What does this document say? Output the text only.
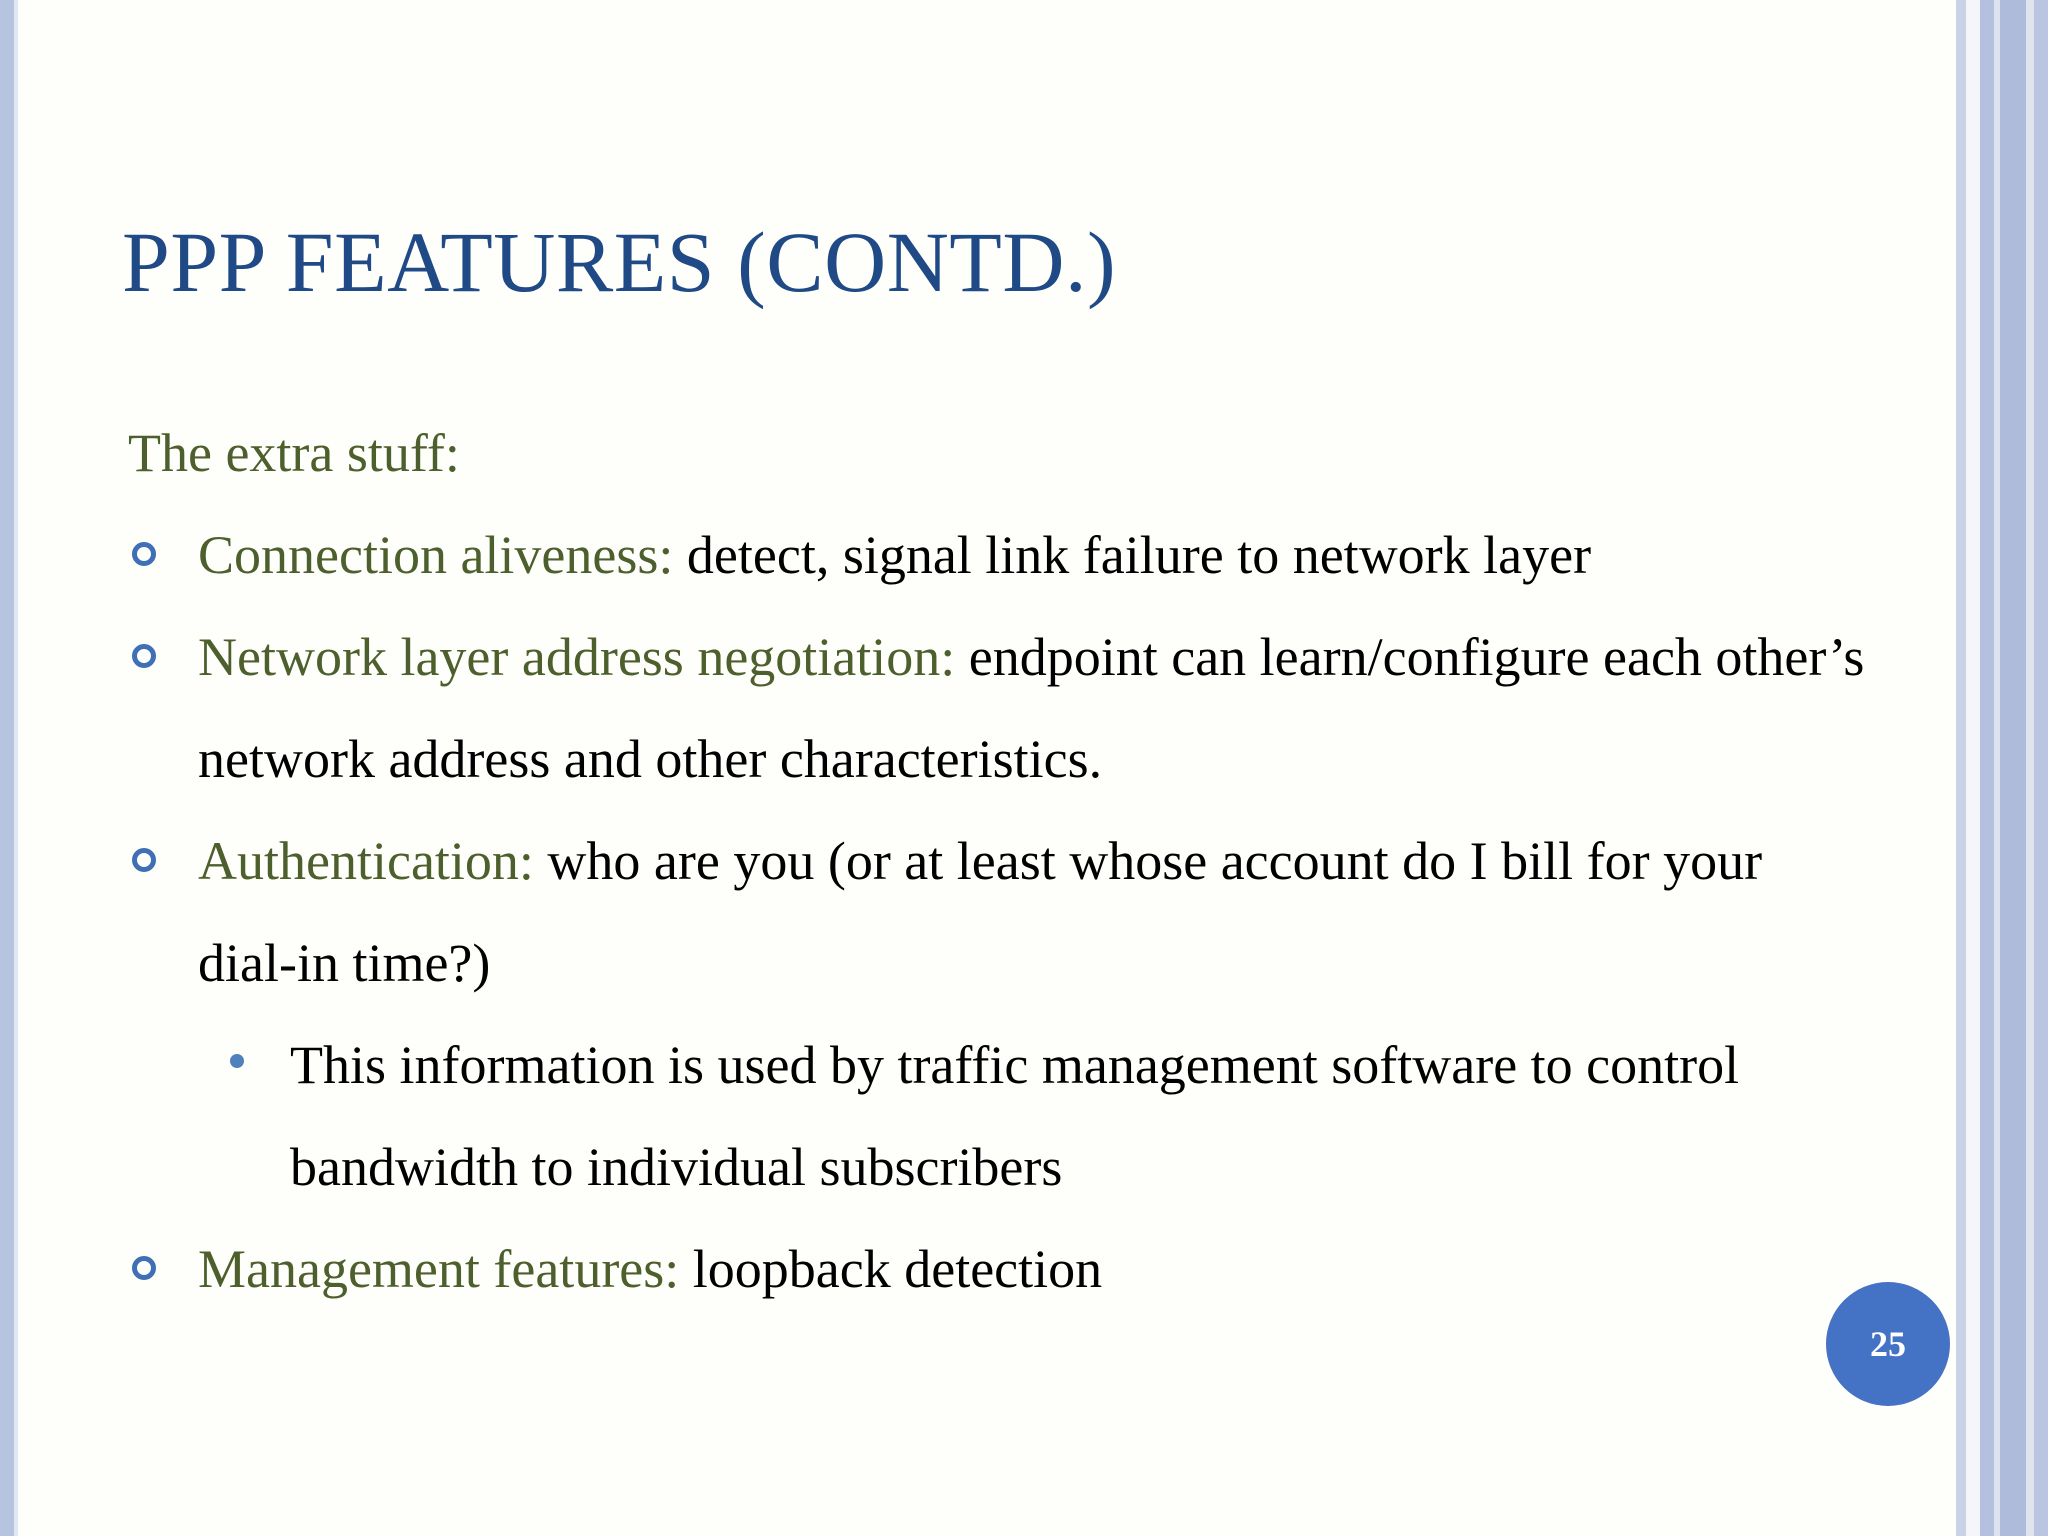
PPP FEATURES (CONTD.)
The extra stuff:
Connection aliveness: detect, signal link failure to network layer
Network layer address negotiation: endpoint can learn/configure each other’s network address and other characteristics.
Authentication: who are you (or at least whose account do I bill for your dial-in time?)
This information is used by traffic management software to control bandwidth to individual subscribers
Management features: loopback detection
25
